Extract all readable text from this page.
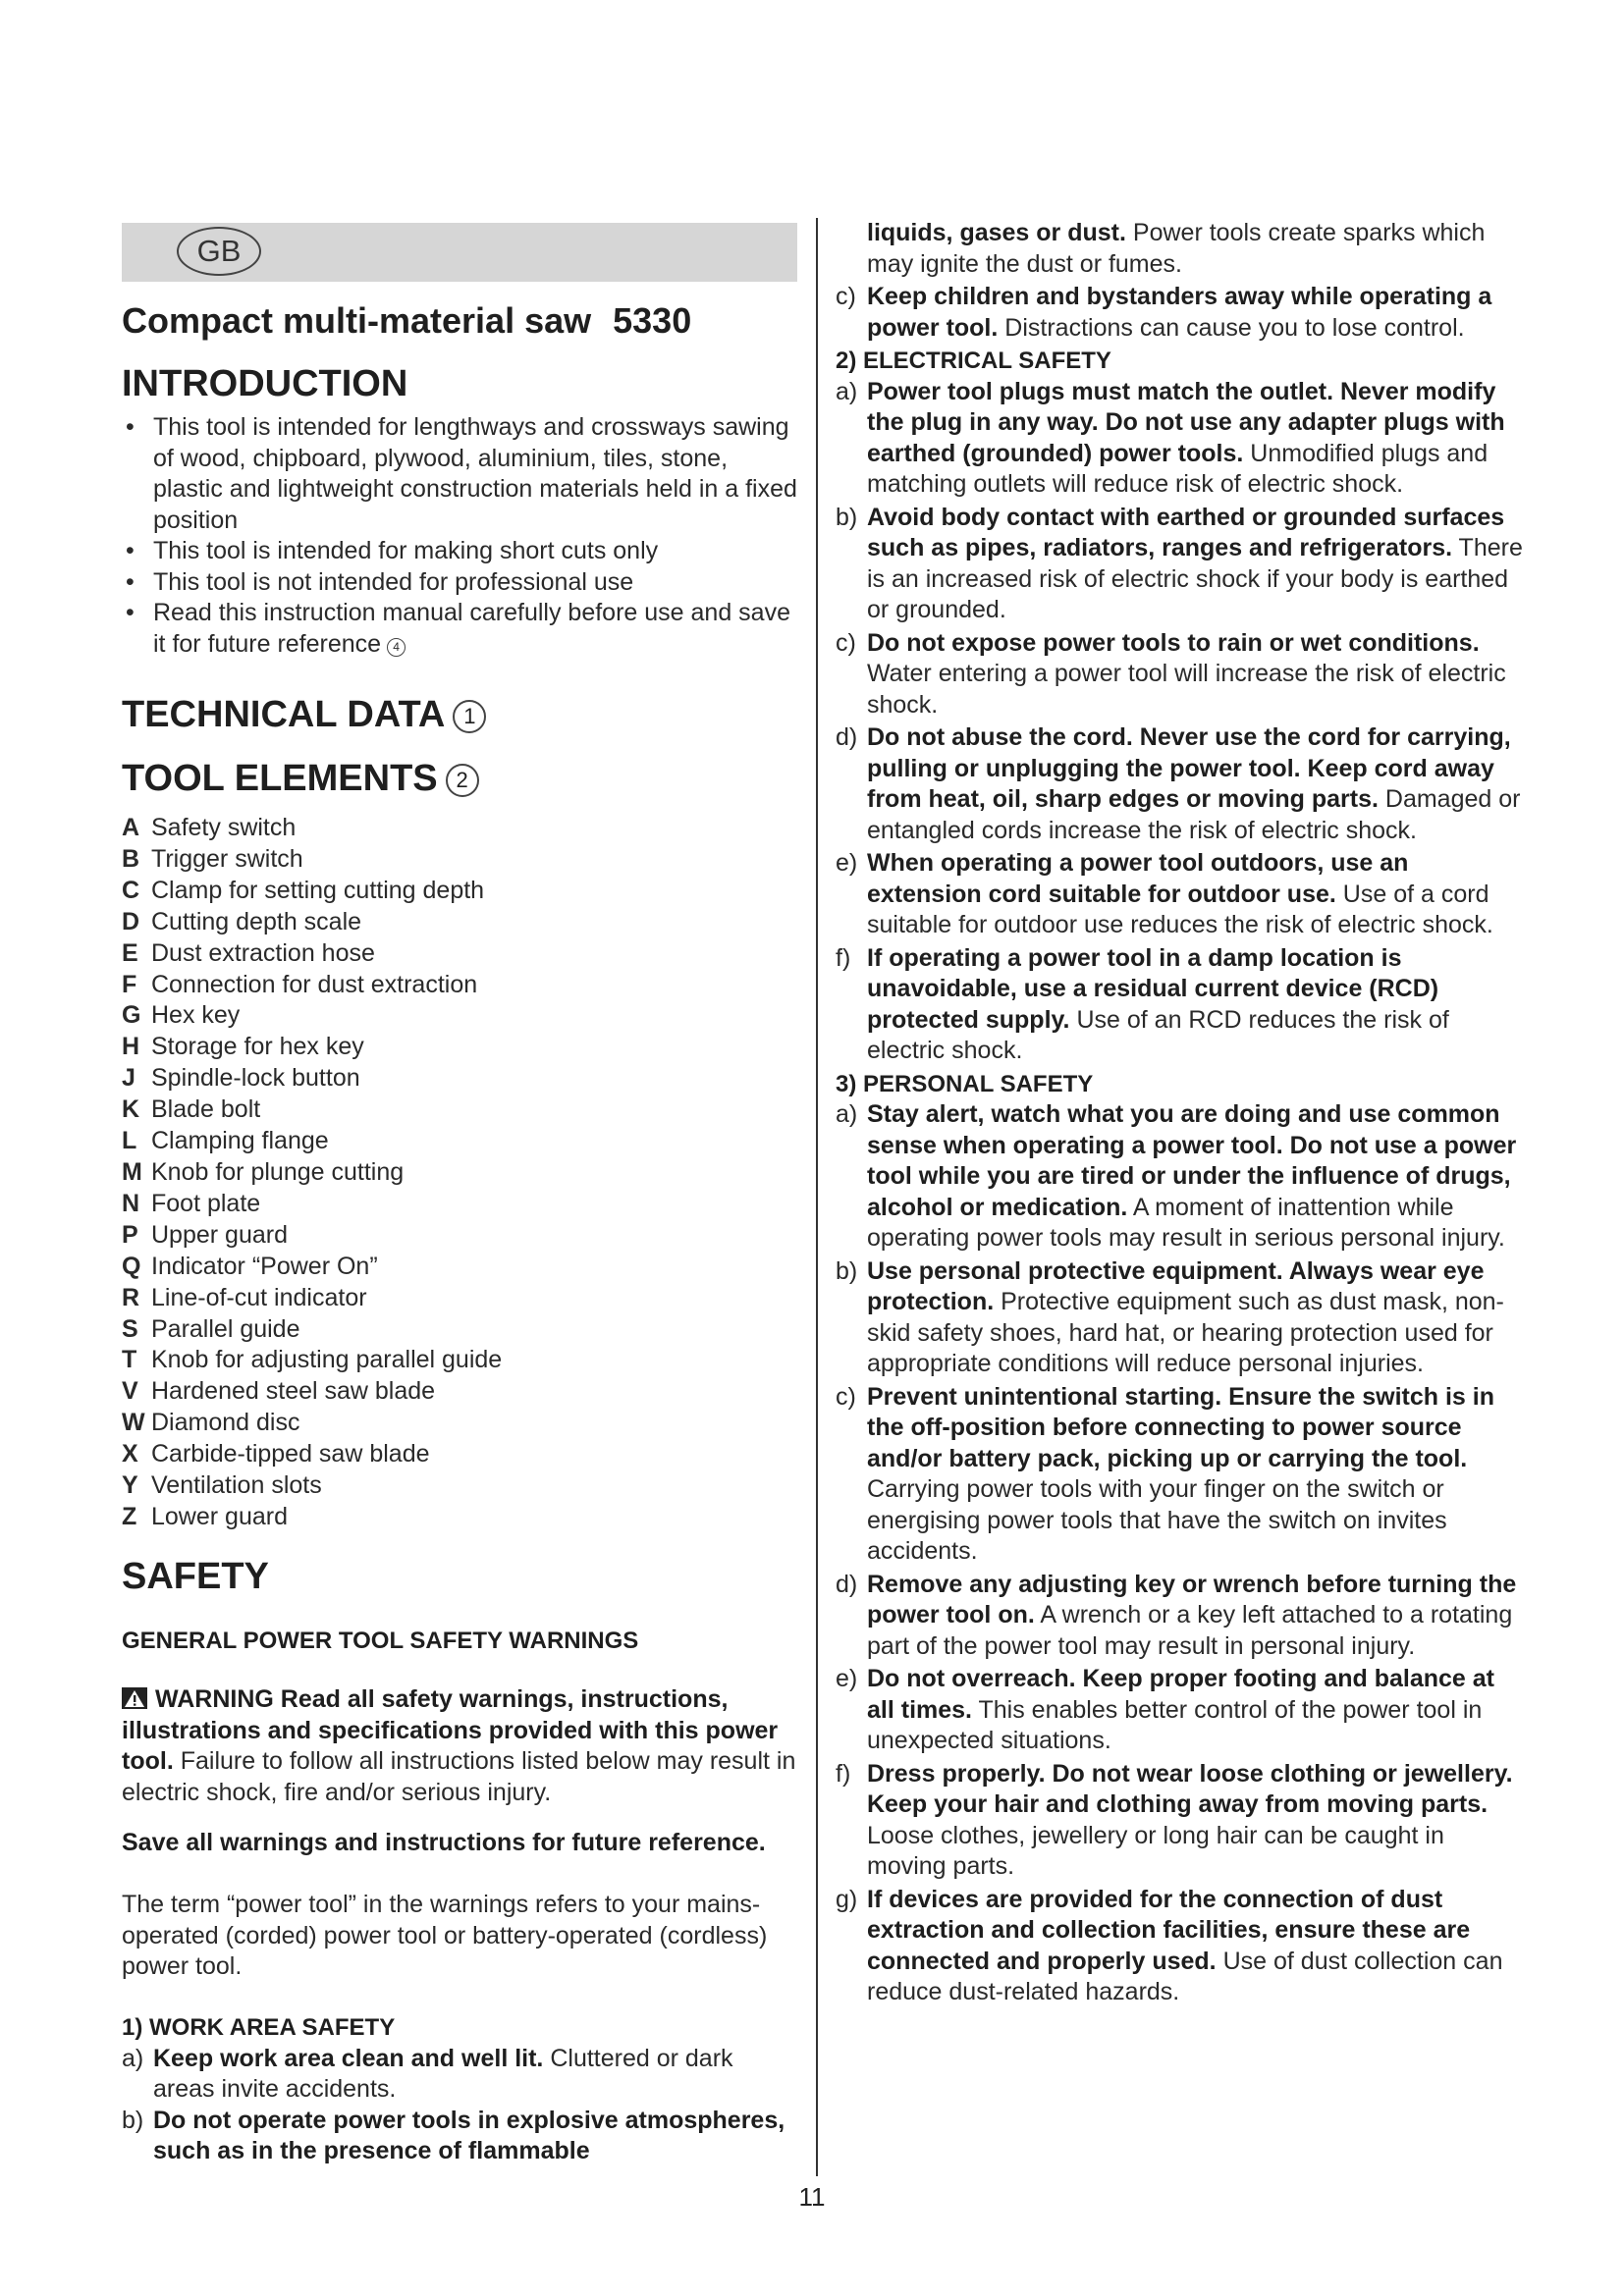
GB
Compact multi-material saw 5330
INTRODUCTION
• This tool is intended for lengthways and crossways sawing of wood, chipboard, plywood, aluminium, tiles, stone, plastic and lightweight construction materials held in a fixed position
• This tool is intended for making short cuts only
• This tool is not intended for professional use
• Read this instruction manual carefully before use and save it for future reference 4
TECHNICAL DATA 1
TOOL ELEMENTS 2
A Safety switch
B Trigger switch
C Clamp for setting cutting depth
D Cutting depth scale
E Dust extraction hose
F Connection for dust extraction
G Hex key
H Storage for hex key
J Spindle-lock button
K Blade bolt
L Clamping flange
M Knob for plunge cutting
N Foot plate
P Upper guard
Q Indicator “Power On”
R Line-of-cut indicator
S Parallel guide
T Knob for adjusting parallel guide
V Hardened steel saw blade
W Diamond disc
X Carbide-tipped saw blade
Y Ventilation slots
Z Lower guard
SAFETY
GENERAL POWER TOOL SAFETY WARNINGS
WARNING Read all safety warnings, instructions, illustrations and specifications provided with this power tool. Failure to follow all instructions listed below may result in electric shock, fire and/or serious injury.
Save all warnings and instructions for future reference.
The term “power tool” in the warnings refers to your mains-operated (corded) power tool or battery-operated (cordless) power tool.
1) WORK AREA SAFETY
a) Keep work area clean and well lit. Cluttered or dark areas invite accidents.
b) Do not operate power tools in explosive atmospheres, such as in the presence of flammable
liquids, gases or dust. Power tools create sparks which may ignite the dust or fumes.
c) Keep children and bystanders away while operating a power tool. Distractions can cause you to lose control.
2) ELECTRICAL SAFETY
a) Power tool plugs must match the outlet. Never modify the plug in any way. Do not use any adapter plugs with earthed (grounded) power tools. Unmodified plugs and matching outlets will reduce risk of electric shock.
b) Avoid body contact with earthed or grounded surfaces such as pipes, radiators, ranges and refrigerators. There is an increased risk of electric shock if your body is earthed or grounded.
c) Do not expose power tools to rain or wet conditions. Water entering a power tool will increase the risk of electric shock.
d) Do not abuse the cord. Never use the cord for carrying, pulling or unplugging the power tool. Keep cord away from heat, oil, sharp edges or moving parts. Damaged or entangled cords increase the risk of electric shock.
e) When operating a power tool outdoors, use an extension cord suitable for outdoor use. Use of a cord suitable for outdoor use reduces the risk of electric shock.
f) If operating a power tool in a damp location is unavoidable, use a residual current device (RCD) protected supply. Use of an RCD reduces the risk of electric shock.
3) PERSONAL SAFETY
a) Stay alert, watch what you are doing and use common sense when operating a power tool. Do not use a power tool while you are tired or under the influence of drugs, alcohol or medication. A moment of inattention while operating power tools may result in serious personal injury.
b) Use personal protective equipment. Always wear eye protection. Protective equipment such as dust mask, non-skid safety shoes, hard hat, or hearing protection used for appropriate conditions will reduce personal injuries.
c) Prevent unintentional starting. Ensure the switch is in the off-position before connecting to power source and/or battery pack, picking up or carrying the tool. Carrying power tools with your finger on the switch or energising power tools that have the switch on invites accidents.
d) Remove any adjusting key or wrench before turning the power tool on. A wrench or a key left attached to a rotating part of the power tool may result in personal injury.
e) Do not overreach. Keep proper footing and balance at all times. This enables better control of the power tool in unexpected situations.
f) Dress properly. Do not wear loose clothing or jewellery. Keep your hair and clothing away from moving parts. Loose clothes, jewellery or long hair can be caught in moving parts.
g) If devices are provided for the connection of dust extraction and collection facilities, ensure these are connected and properly used. Use of dust collection can reduce dust-related hazards.
11
